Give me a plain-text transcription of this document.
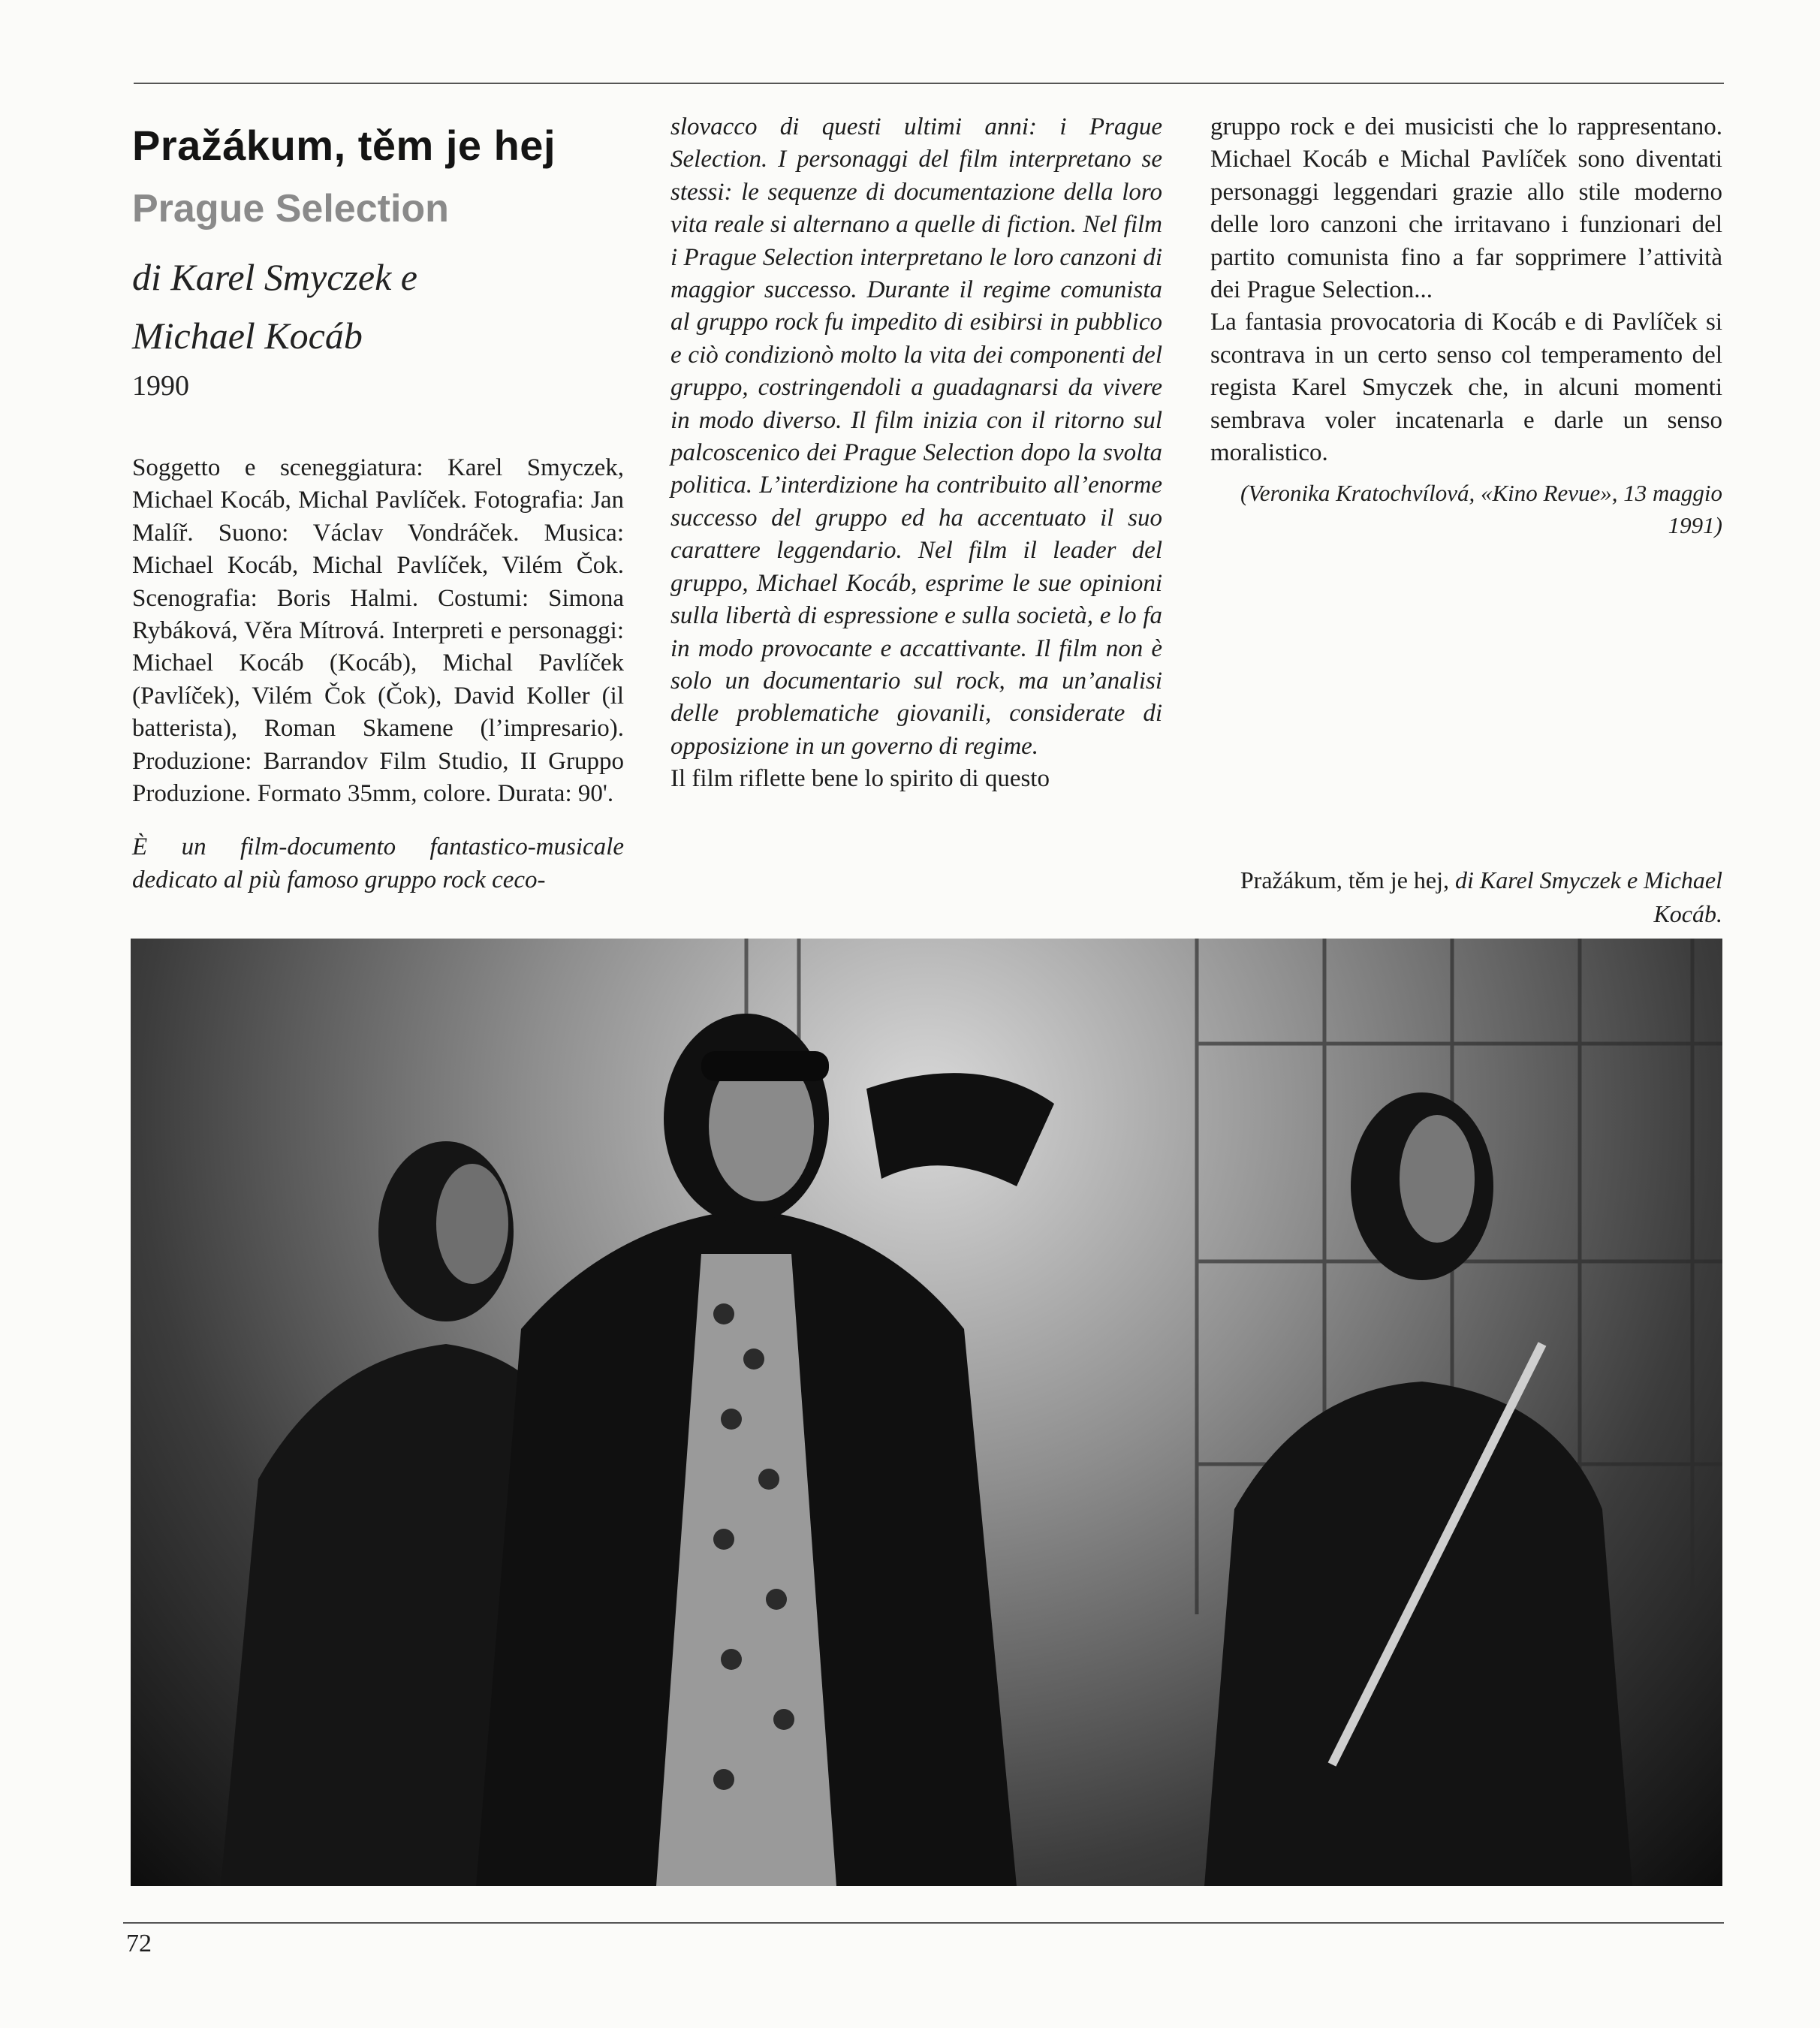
Pražákum, těm je hej
Prague Selection
di Karel Smyczek e
Michael Kocáb
1990

Soggetto e sceneggiatura: Karel Smyczek, Michael Kocáb, Michal Pavlíček. Fotografia: Jan Malíř. Suono: Václav Vondráček. Musica: Michael Kocáb, Michal Pavlíček, Vilém Čok. Scenografia: Boris Halmi. Costumi: Simona Rybáková, Věra Mítrová. Interpreti e personaggi: Michael Kocáb (Kocáb), Michal Pavlíček (Pavlíček), Vilém Čok (Čok), David Koller (il batterista), Roman Skamene (l’impresario). Produzione: Barrandov Film Studio, II Gruppo Produzione. Formato 35mm, colore. Durata: 90'.

È un film-documento fantastico-musicale dedicato al più famoso gruppo rock ceco-

slovacco di questi ultimi anni: i Prague Selection. I personaggi del film interpretano se stessi: le sequenze di documentazione della loro vita reale si alternano a quelle di fiction. Nel film i Prague Selection interpretano le loro canzoni di maggior successo. Durante il regime comunista al gruppo rock fu impedito di esibirsi in pubblico e ciò condizionò molto la vita dei componenti del gruppo, costringendoli a guadagnarsi da vivere in modo diverso. Il film inizia con il ritorno sul palcoscenico dei Prague Selection dopo la svolta politica. L’interdizione ha contribuito all’enorme successo del gruppo ed ha accentuato il suo carattere leggendario. Nel film il leader del gruppo, Michael Kocáb, esprime le sue opinioni sulla libertà di espressione e sulla società, e lo fa in modo provocante e accattivante. Il film non è solo un documentario sul rock, ma un’analisi delle problematiche giovanili, considerate di opposizione in un governo di regime.

Il film riflette bene lo spirito di questo

gruppo rock e dei musicisti che lo rappresentano. Michael Kocáb e Michal Pavlíček sono diventati personaggi leggendari grazie allo stile moderno delle loro canzoni che irritavano i funzionari del partito comunista fino a far sopprimere l’attività dei Prague Selection...

La fantasia provocatoria di Kocáb e di Pavlíček si scontrava in un certo senso col temperamento del regista Karel Smyczek che, in alcuni momenti sembrava voler incatenarla e darle un senso moralistico.

(Veronika Kratochvílová, «Kino Revue», 13 maggio 1991)

Pražákum, těm je hej, di Karel Smyczek e Michael Kocáb.
72
